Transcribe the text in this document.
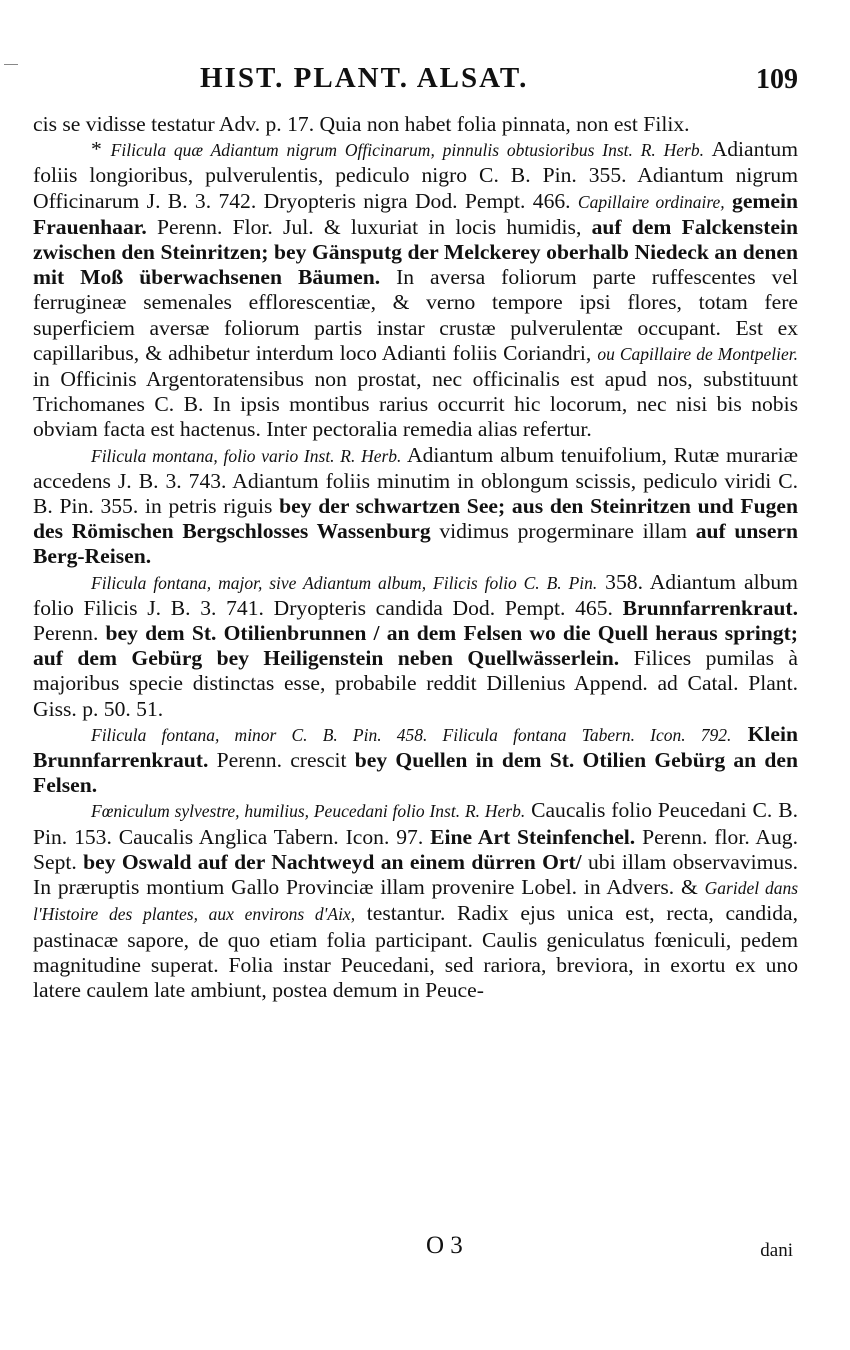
HIST. PLANT. ALSAT.	109

cis se vidisse testatur Adv. p. 17. Quia non habet folia pinnata, non est Filix.

* Filicula quæ Adiantum nigrum Officinarum, pinnulis obtusioribus Inst. R. Herb. Adiantum foliis longioribus, pulverulentis, pediculo nigro C. B. Pin. 355. Adiantum nigrum Officinarum J. B. 3. 742. Dryopteris nigra Dod. Pempt. 466. Capillaire ordinaire, gemein Frauenhaar. Perenn. Flor. Jul. & luxuriat in locis humidis, auf dem Falckenstein zwischen den Steinritzen; bey Gänsputg der Melckerey oberhalb Niedeck an denen mit Moß überwachsenen Bäumen. In aversa foliorum parte ruffescentes vel ferrugineæ semenales efflorescentiæ, & verno tempore ipsi flores, totam fere superficiem aversæ foliorum partis instar crustæ pulverulentæ occupant. Est ex capillaribus, & adhibetur interdum loco Adianti foliis Coriandri, ou Capillaire de Montpelier. in Officinis Argentoratensibus non prostat, nec officinalis est apud nos, substituunt Trichomanes C. B. In ipsis montibus rarius occurrit hic locorum, nec nisi bis nobis obviam facta est hactenus. Inter pectoralia remedia alias refertur.

Filicula montana, folio vario Inst. R. Herb. Adiantum album tenuifolium, Rutæ murariæ accedens J. B. 3. 743. Adiantum foliis minutim in oblongum scissis, pediculo viridi C. B. Pin. 355. in petris riguis bey der schwartzen See; aus den Steinritzen und Fugen des Römischen Bergschlosses Wassenburg vidimus progerminare illam auf unsern Berg-Reisen.

Filicula fontana, major, sive Adiantum album, Filicis folio C. B. Pin. 358. Adiantum album folio Filicis J. B. 3. 741. Dryopteris candida Dod. Pempt. 465. Brunnfarrenkraut. Perenn. bey dem St. Otilienbrunnen / an dem Felsen wo die Quell heraus springt; auf dem Gebürg bey Heiligenstein neben Quellwässerlein. Filices pumilas à majoribus specie distinctas esse, probabile reddit Dillenius Append. ad Catal. Plant. Giss. p. 50. 51.

Filicula fontana, minor C. B. Pin. 458. Filicula fontana Tabern. Icon. 792. Klein Brunnfarrenkraut. Perenn. crescit bey Quellen in dem St. Otilien Gebürg an den Felsen.

Fœniculum sylvestre, humilius, Peucedani folio Inst. R. Herb. Caucalis folio Peucedani C. B. Pin. 153. Caucalis Anglica Tabern. Icon. 97. Eine Art Steinfenchel. Perenn. flor. Aug. Sept. bey Oswald auf der Nachtweyd an einem dürren Ort/ ubi illam observavimus. In præruptis montium Gallo Provinciæ illam provenire Lobel. in Advers. & Garidel dans l'Histoire des plantes, aux environs d'Aix, testantur. Radix ejus unica est, recta, candida, pastinacæ sapore, de quo etiam folia participant. Caulis geniculatus fœniculi, pedem magnitudine superat. Folia instar Peucedani, sed rariora, breviora, in exortu ex uno latere caulem late ambiunt, postea demum in Peuce-

O 3	dani
